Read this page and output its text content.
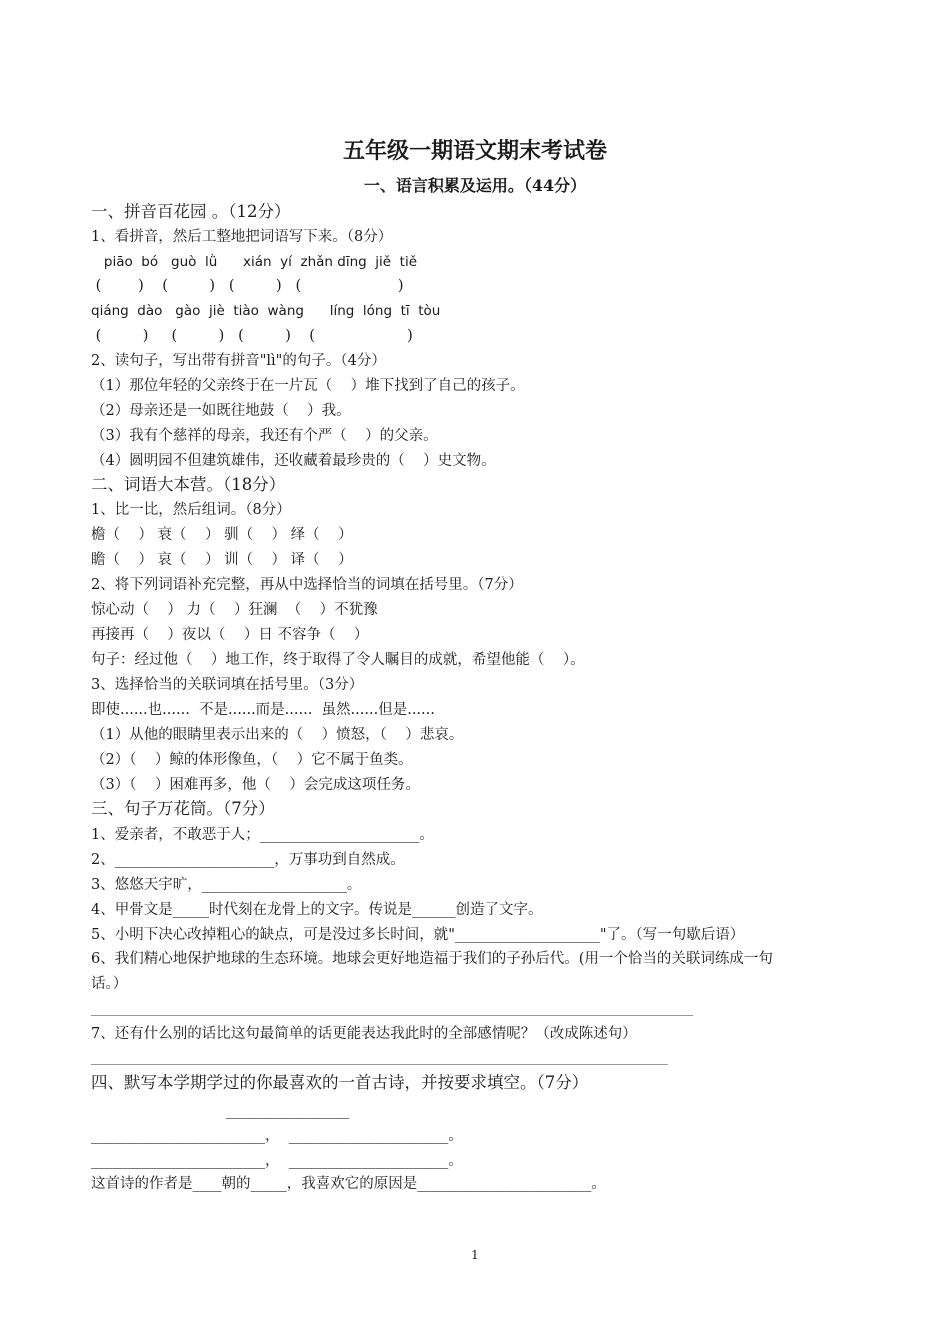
五年级一期语文期末考试卷
一、语言积累及运用。（44分）
一、拼音百花园 。（12分）
1、看拼音，然后工整地把词语写下来。（8分）
piāo  bó   guò  lǜ      xián  yí  zhǎn dīng  jiě  tiě
(        )    (         )   (         )   (                     )
qiáng  dào   gào  jiè  tiào  wàng      líng  lóng  tī  tòu
(         )     (         )   (         )    (                    )
2、读句子，写出带有拼音"lì"的句子。（4分）
（1）那位年轻的父亲终于在一片瓦（    ）堆下找到了自己的孩子。
（2）母亲还是一如既往地鼓（    ）我。
（3）我有个慈祥的母亲，我还有个严（    ）的父亲。
（4）圆明园不但建筑雄伟，还收藏着最珍贵的（    ）史文物。
二、词语大本营。（18分）
1、比一比，然后组词。（8分）
檐（    ） 衰（    ） 驯（    ） 绎（    ）
瞻（    ） 哀（    ） 训（    ） 译（    ）
2、将下列词语补充完整，再从中选择恰当的词填在括号里。（7分）
惊心动（    ） 力（    ）狂澜  （    ）不犹豫
再接再（    ）夜以（    ）日 不容争（    ）
句子：经过他（    ）地工作，终于取得了令人瞩目的成就，希望他能（    ）。
3、选择恰当的关联词填在括号里。（3分）
即使......也......  不是......而是......  虽然......但是......
（1）从他的眼睛里表示出来的（    ）愤怒，（    ）悲哀。
（2）（    ）鲸的体形像鱼，（    ）它不属于鱼类。
（3）（    ）困难再多，他（    ）会完成这项任务。
三、句子万花筒。（7分）
1、爱亲者，不敢恶于人；______________________。
2、______________________，万事功到自然成。
3、悠悠天宇旷，____________________。
4、甲骨文是_____时代刻在龙骨上的文字。传说是______创造了文字。
5、小明下决心改掉粗心的缺点，可是没过多长时间，就"____________________"了。（写一句歇后语）
6、我们精心地保护地球的生态环境。地球会更好地造福于我们的子孙后代。(用一个恰当的关联词练成一句
话。）
7、还有什么别的话比这句最简单的话更能表达我此时的全部感情呢？（改成陈述句）
四、默写本学期学过的你最喜欢的一首古诗，并按要求填空。（7分）
_________________
________________________，  ______________________。
________________________，  ______________________。
这首诗的作者是____朝的_____，我喜欢它的原因是________________________。
1
